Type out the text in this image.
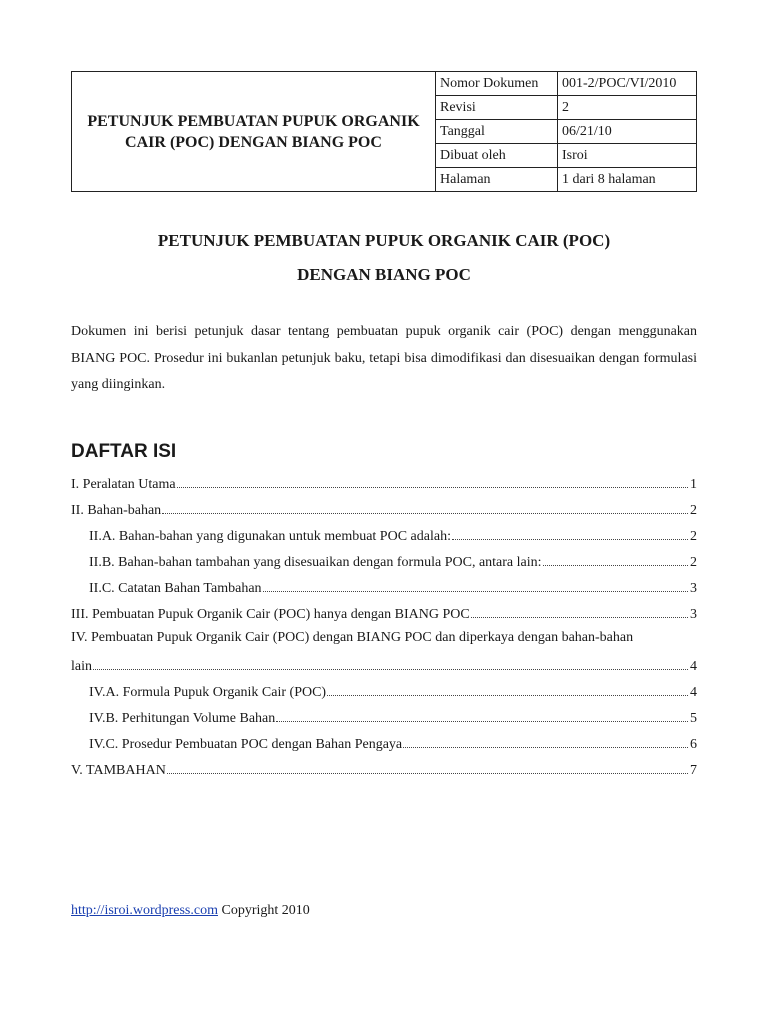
PETUNJUK PEMBUATAN PUPUK ORGANIK CAIR (POC) DENGAN BIANG POC	Nomor Dokumen	001-2/POC/VI/2010
	Revisi	2
	Tanggal	06/21/10
	Dibuat oleh	Isroi
	Halaman	1 dari 8 halaman
PETUNJUK PEMBUATAN PUPUK ORGANIK CAIR (POC)
DENGAN BIANG POC

Dokumen ini berisi petunjuk dasar tentang pembuatan pupuk organik cair (POC) dengan menggunakan BIANG POC. Prosedur ini bukanlan petunjuk baku, tetapi bisa dimodifikasi dan disesuaikan dengan formulasi yang diinginkan.

DAFTAR ISI
I. Peralatan Utama	1
II. Bahan-bahan	2
II.A. Bahan-bahan yang digunakan untuk membuat POC adalah:	2
II.B. Bahan-bahan tambahan yang disesuaikan dengan formula POC, antara lain:	2
II.C. Catatan Bahan Tambahan	3
III. Pembuatan Pupuk Organik Cair (POC) hanya dengan BIANG POC	3
IV. Pembuatan Pupuk Organik Cair (POC) dengan BIANG POC dan diperkaya dengan bahan-bahan
lain	4
IV.A. Formula Pupuk Organik Cair (POC)	4
IV.B. Perhitungan Volume Bahan	5
IV.C. Prosedur Pembuatan POC dengan Bahan Pengaya	6
V. TAMBAHAN	7

http://isroi.wordpress.com Copyright 2010
